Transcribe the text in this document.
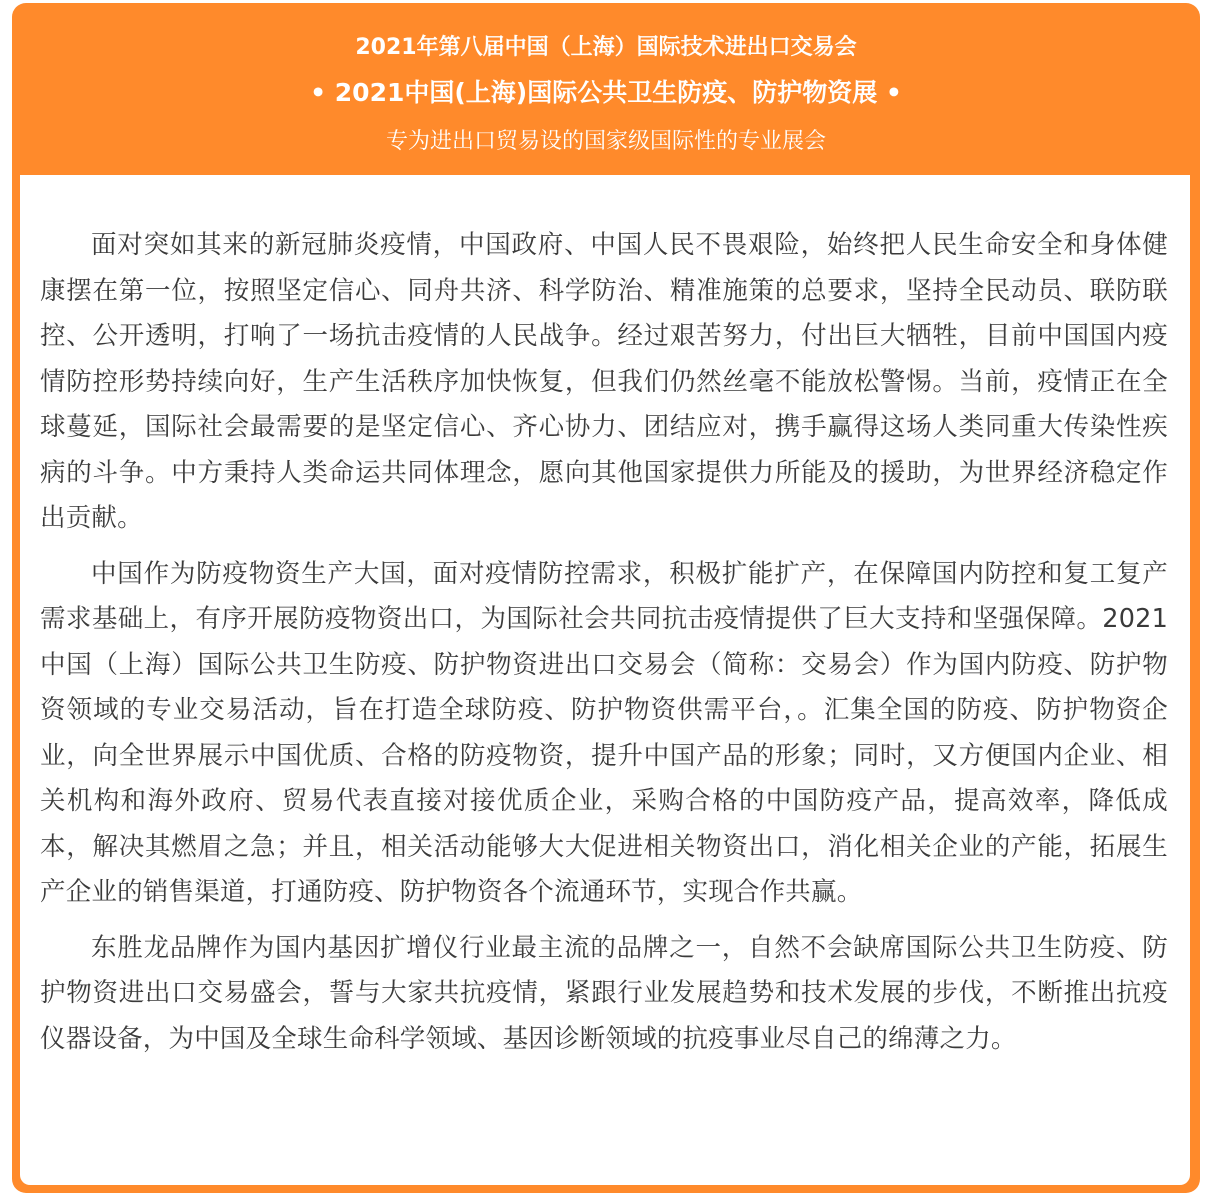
2021年第八届中国（上海）国际技术进出口交易会
• 2021中国(上海)国际公共卫生防疫、防护物资展 •
专为进出口贸易设的国家级国际性的专业展会

面对突如其来的新冠肺炎疫情，中国政府、中国人民不畏艰险，始终把人民生命安全和身体健康摆在第一位，按照坚定信心、同舟共济、科学防治、精准施策的总要求，坚持全民动员、联防联控、公开透明，打响了一场抗击疫情的人民战争。经过艰苦努力，付出巨大牺牲，目前中国国内疫情防控形势持续向好，生产生活秩序加快恢复，但我们仍然丝毫不能放松警惕。当前，疫情正在全球蔓延，国际社会最需要的是坚定信心、齐心协力、团结应对，携手赢得这场人类同重大传染性疾病的斗争。中方秉持人类命运共同体理念，愿向其他国家提供力所能及的援助，为世界经济稳定作出贡献。

中国作为防疫物资生产大国，面对疫情防控需求，积极扩能扩产，在保障国内防控和复工复产需求基础上，有序开展防疫物资出口，为国际社会共同抗击疫情提供了巨大支持和坚强保障。2021中国（上海）国际公共卫生防疫、防护物资进出口交易会（简称：交易会）作为国内防疫、防护物资领域的专业交易活动，旨在打造全球防疫、防护物资供需平台，。汇集全国的防疫、防护物资企业，向全世界展示中国优质、合格的防疫物资，提升中国产品的形象；同时，又方便国内企业、相关机构和海外政府、贸易代表直接对接优质企业，采购合格的中国防疫产品，提高效率，降低成本，解决其燃眉之急；并且，相关活动能够大大促进相关物资出口，消化相关企业的产能，拓展生产企业的销售渠道，打通防疫、防护物资各个流通环节，实现合作共赢。

东胜龙品牌作为国内基因扩增仪行业最主流的品牌之一，自然不会缺席国际公共卫生防疫、防护物资进出口交易盛会，誓与大家共抗疫情，紧跟行业发展趋势和技术发展的步伐，不断推出抗疫仪器设备，为中国及全球生命科学领域、基因诊断领域的抗疫事业尽自己的绵薄之力。
